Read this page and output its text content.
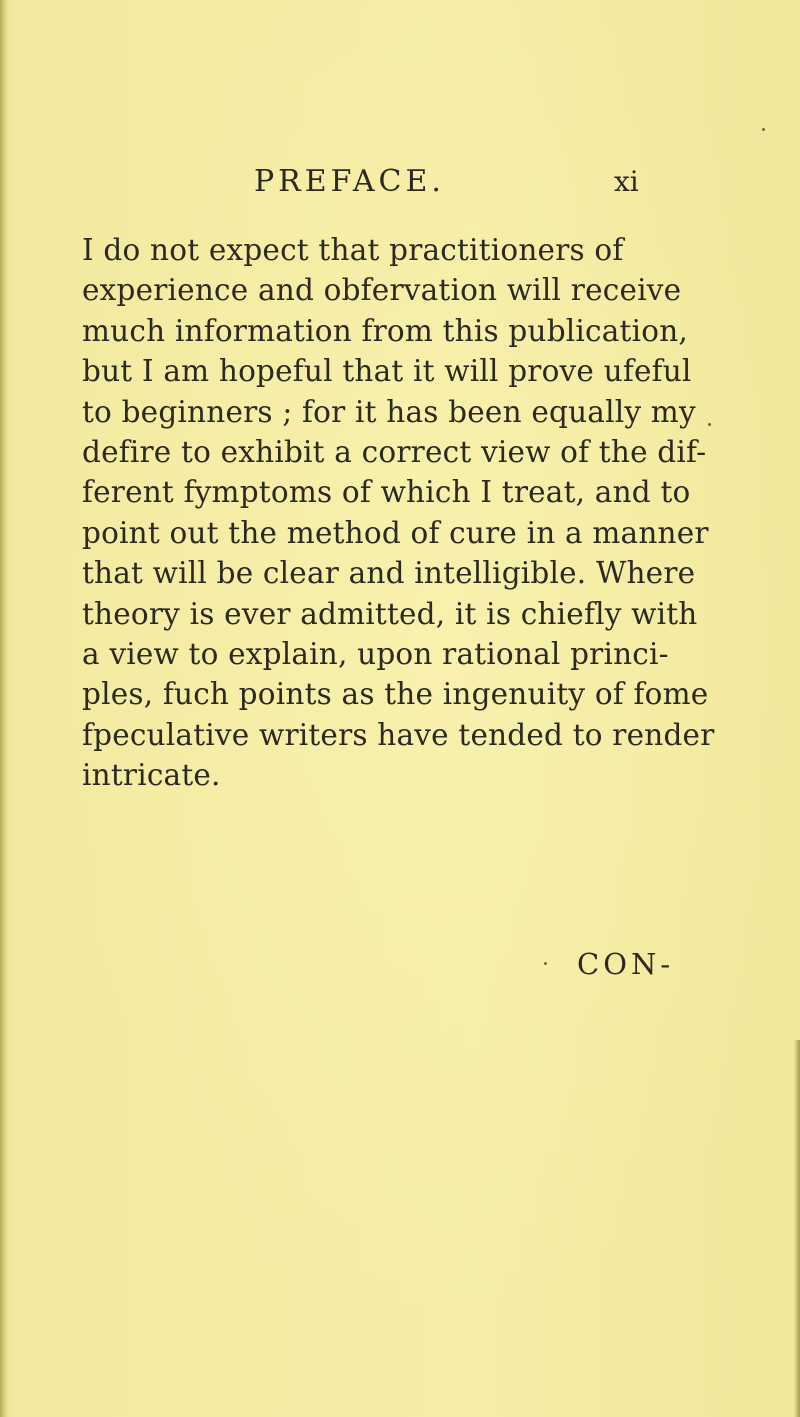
PREFACE.	xi
I do not expect that practitioners of
experience and obfervation will receive
much information from this publication,
but I am hopeful that it will prove ufeful
to beginners ; for it has been equally my
defire to exhibit a correct view of the dif-
ferent fymptoms of which I treat, and to
point out the method of cure in a manner
that will be clear and intelligible. Where
theory is ever admitted, it is chiefly with
a view to explain, upon rational princi-
ples, fuch points as the ingenuity of fome
fpeculative writers have tended to render
intricate.
CON-
